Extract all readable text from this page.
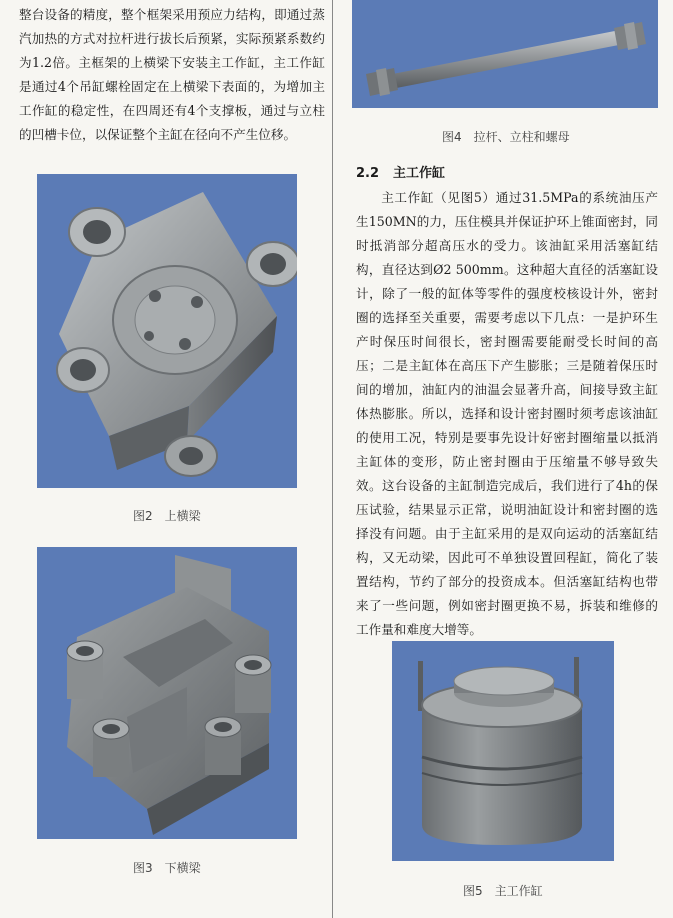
整台设备的精度，整个框架采用预应力结构，即通过蒸汽加热的方式对拉杆进行拔长后预紧，实际预紧系数约为1.2倍。主框架的上横梁下安装主工作缸，主工作缸是通过4个吊缸螺栓固定在上横梁下表面的，为增加主工作缸的稳定性，在四周还有4个支撑板，通过与立柱的凹槽卡位，以保证整个主缸在径向不产生位移。

图2 上横梁
图3 下横梁
图4 拉杆、立柱和螺母
2.2 主工作缸

主工作缸（见图5）通过31.5MPa的系统油压产生150MN的力，压住模具并保证护环上锥面密封，同时抵消部分超高压水的受力。该油缸采用活塞缸结构，直径达到Ø2 500mm。这种超大直径的活塞缸设计，除了一般的缸体等零件的强度校核设计外，密封圈的选择至关重要，需要考虑以下几点：一是护环生产时保压时间很长，密封圈需要能耐受长时间的高压；二是主缸体在高压下产生膨胀；三是随着保压时间的增加，油缸内的油温会显著升高，间接导致主缸体热膨胀。所以，选择和设计密封圈时须考虑该油缸的使用工况，特别是要事先设计好密封圈缩量以抵消主缸体的变形，防止密封圈由于压缩量不够导致失效。这台设备的主缸制造完成后，我们进行了4h的保压试验，结果显示正常，说明油缸设计和密封圈的选择没有问题。由于主缸采用的是双向运动的活塞缸结构，又无动梁，因此可不单独设置回程缸，简化了装置结构，节约了部分的投资成本。但活塞缸结构也带来了一些问题，例如密封圈更换不易，拆装和维修的工作量和难度大增等。

图5 主工作缸
